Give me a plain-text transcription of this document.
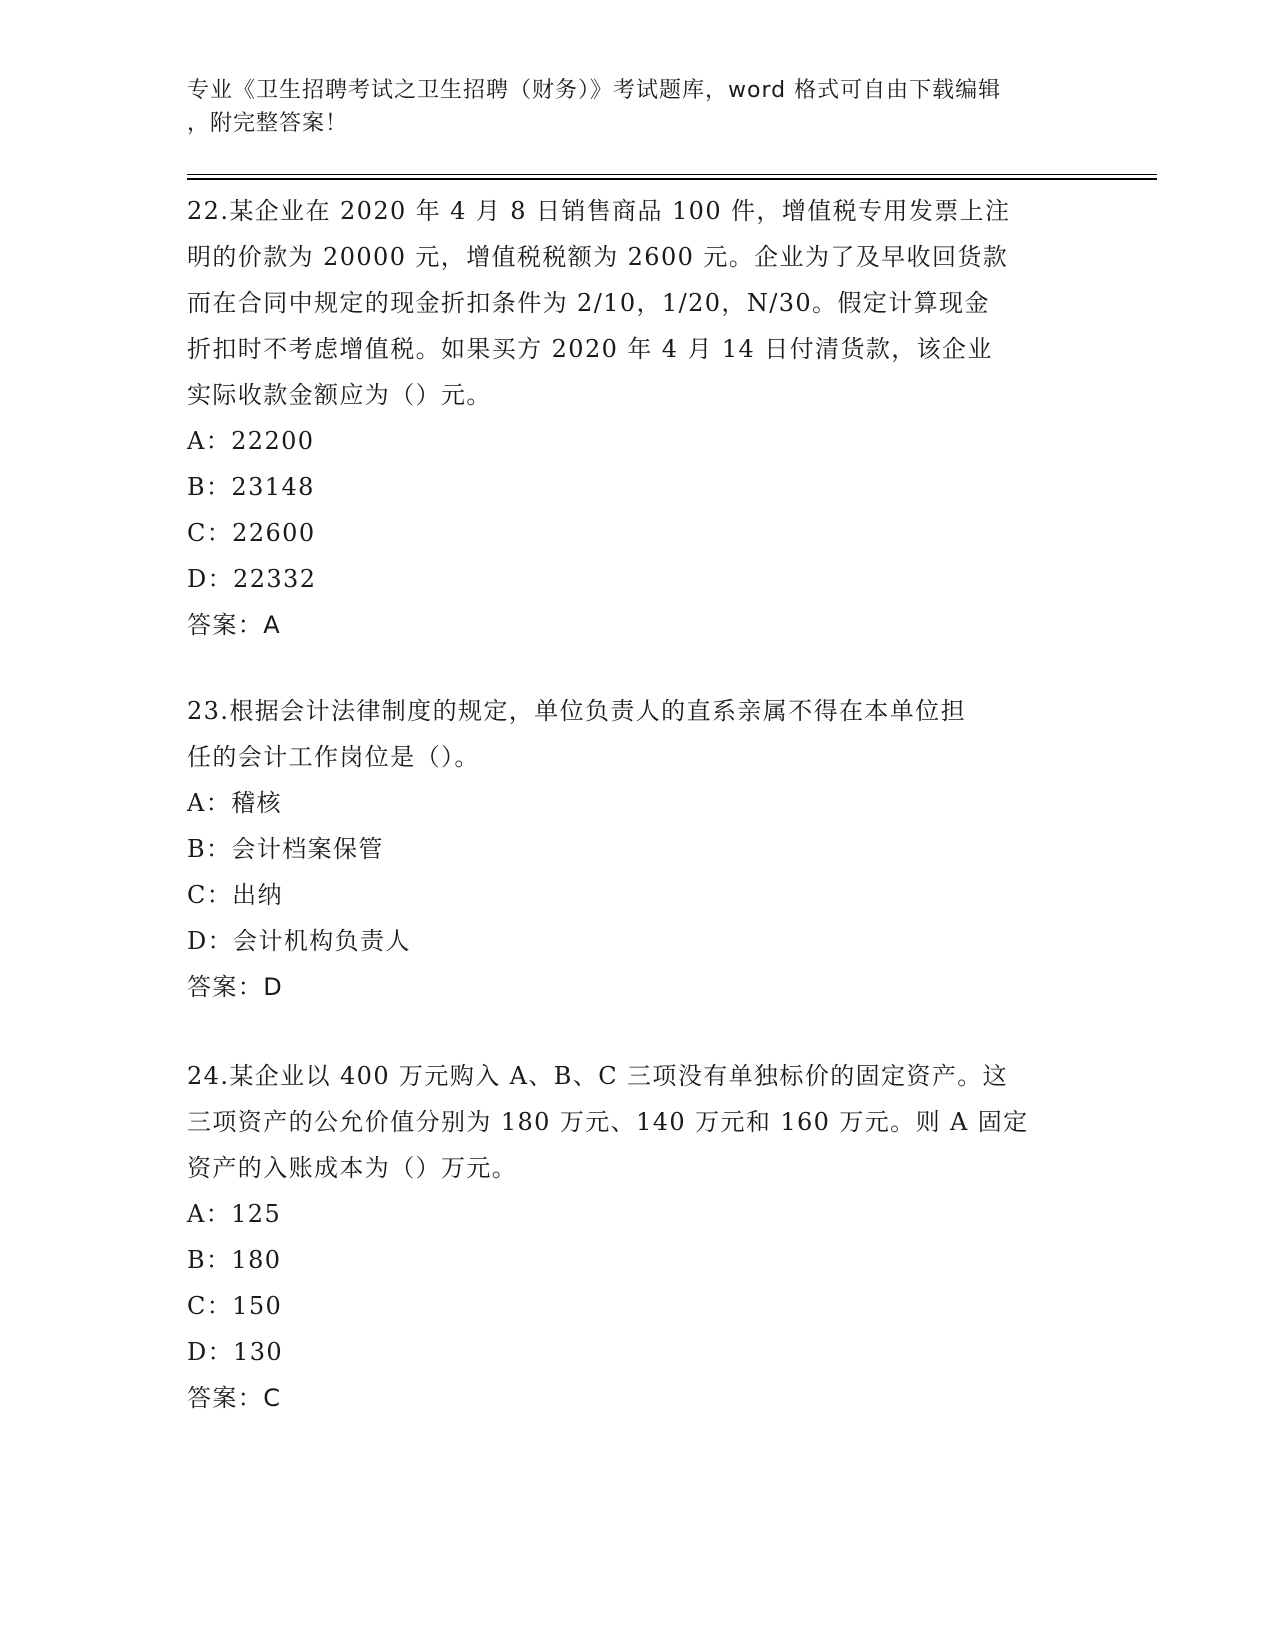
专业《卫生招聘考试之卫生招聘（财务）》考试题库，word 格式可自由下载编辑
，附完整答案！
22.某企业在 2020 年 4 月 8 日销售商品 100 件，增值税专用发票上注
明的价款为 20000 元，增值税税额为 2600 元。企业为了及早收回货款
而在合同中规定的现金折扣条件为 2/10，1/20，N/30。假定计算现金
折扣时不考虑增值税。如果买方 2020 年 4 月 14 日付清货款，该企业
实际收款金额应为（）元。
A：22200
B：23148
C：22600
D：22332
答案：A
23.根据会计法律制度的规定，单位负责人的直系亲属不得在本单位担
任的会计工作岗位是（）。
A：稽核
B：会计档案保管
C：出纳
D：会计机构负责人
答案：D
24.某企业以 400 万元购入 A、B、C 三项没有单独标价的固定资产。这
三项资产的公允价值分别为 180 万元、140 万元和 160 万元。则 A 固定
资产的入账成本为（）万元。
A：125
B：180
C：150
D：130
答案：C
